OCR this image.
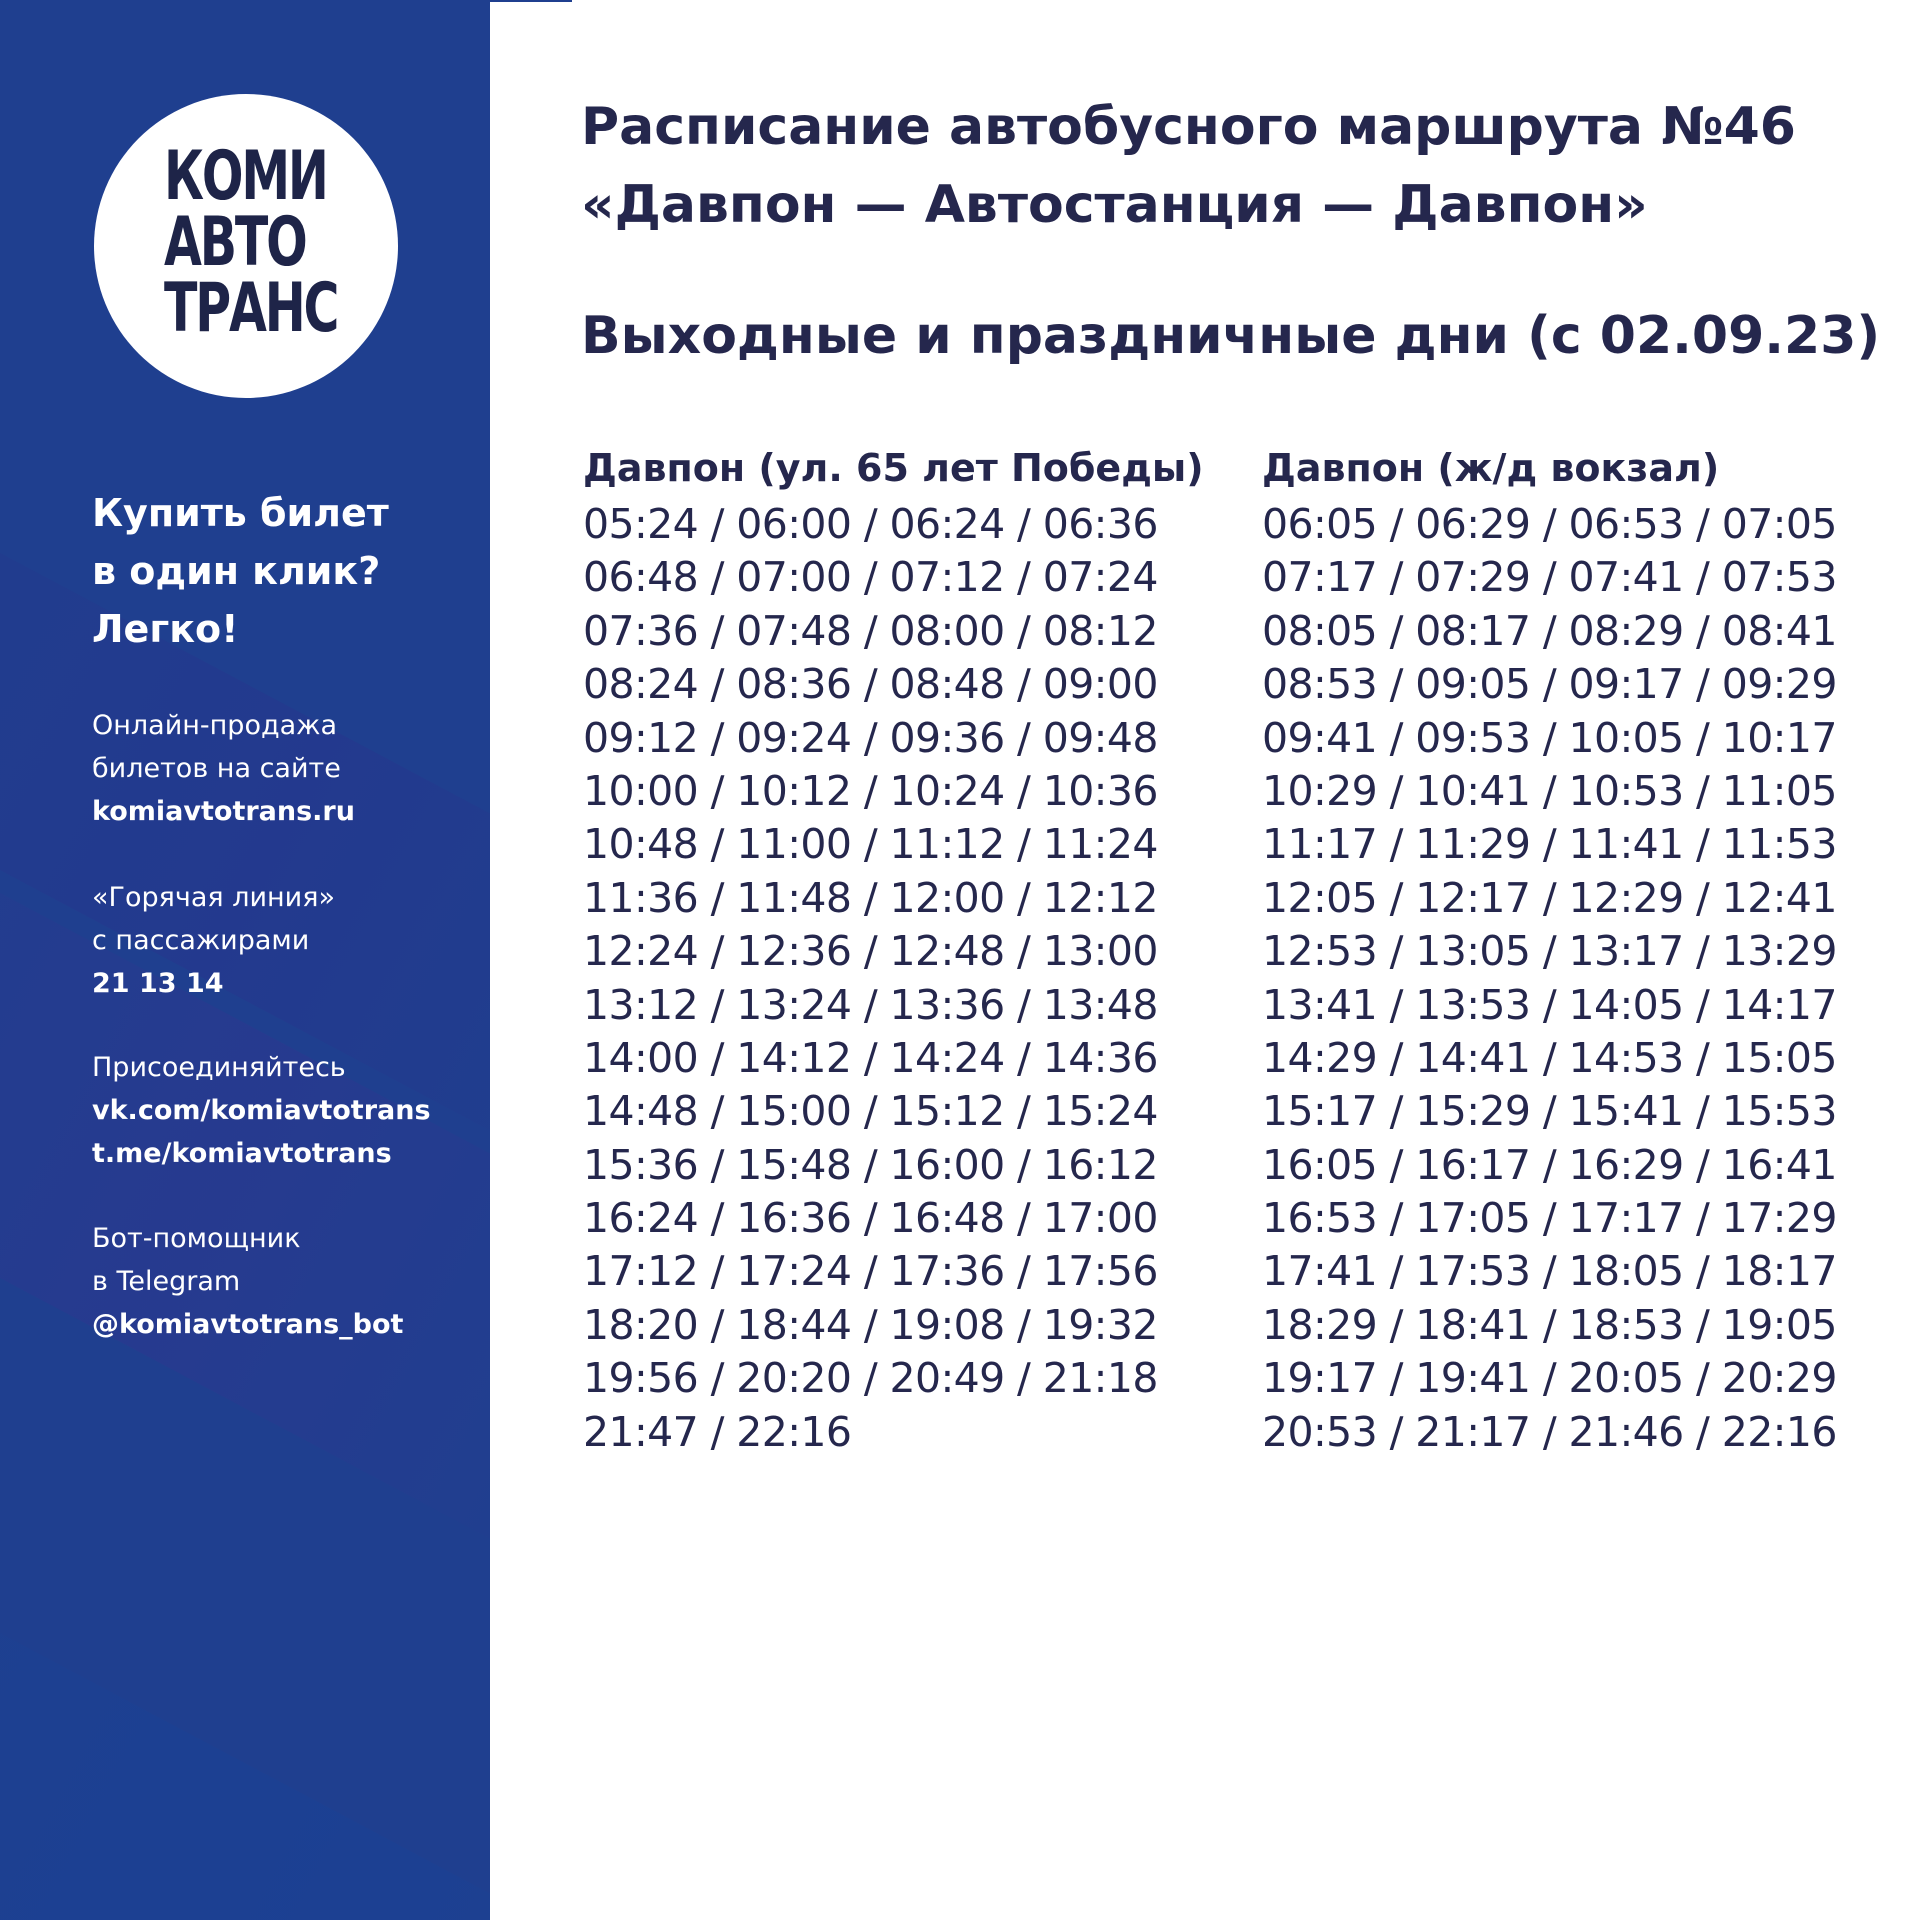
КОМИ
АВТО
ТРАНС
Купить билет
в один клик?
Легко!
Онлайн-продажа
билетов на сайте
komiavtotrans.ru
«Горячая линия»
с пассажирами
21 13 14
Присоединяйтесь
vk.com/komiavtotrans
t.me/komiavtotrans
Бот-помощник
в Telegram
@komiavtotrans_bot
Расписание автобусного маршрута №46
«Давпон — Автостанция — Давпон»
Выходные и праздничные дни (с 02.09.23)
Давпон (ул. 65 лет Победы)
05:24 / 06:00 / 06:24 / 06:36
06:48 / 07:00 / 07:12 / 07:24
07:36 / 07:48 / 08:00 / 08:12
08:24 / 08:36 / 08:48 / 09:00
09:12 / 09:24 / 09:36 / 09:48
10:00 / 10:12 / 10:24 / 10:36
10:48 / 11:00 / 11:12 / 11:24
11:36 / 11:48 / 12:00 / 12:12
12:24 / 12:36 / 12:48 / 13:00
13:12 / 13:24 / 13:36 / 13:48
14:00 / 14:12 / 14:24 / 14:36
14:48 / 15:00 / 15:12 / 15:24
15:36 / 15:48 / 16:00 / 16:12
16:24 / 16:36 / 16:48 / 17:00
17:12 / 17:24 / 17:36 / 17:56
18:20 / 18:44 / 19:08 / 19:32
19:56 / 20:20 / 20:49 / 21:18
21:47 / 22:16
Давпон (ж/д вокзал)
06:05 / 06:29 / 06:53 / 07:05
07:17 / 07:29 / 07:41 / 07:53
08:05 / 08:17 / 08:29 / 08:41
08:53 / 09:05 / 09:17 / 09:29
09:41 / 09:53 / 10:05 / 10:17
10:29 / 10:41 / 10:53 / 11:05
11:17 / 11:29 / 11:41 / 11:53
12:05 / 12:17 / 12:29 / 12:41
12:53 / 13:05 / 13:17 / 13:29
13:41 / 13:53 / 14:05 / 14:17
14:29 / 14:41 / 14:53 / 15:05
15:17 / 15:29 / 15:41 / 15:53
16:05 / 16:17 / 16:29 / 16:41
16:53 / 17:05 / 17:17 / 17:29
17:41 / 17:53 / 18:05 / 18:17
18:29 / 18:41 / 18:53 / 19:05
19:17 / 19:41 / 20:05 / 20:29
20:53 / 21:17 / 21:46 / 22:16
